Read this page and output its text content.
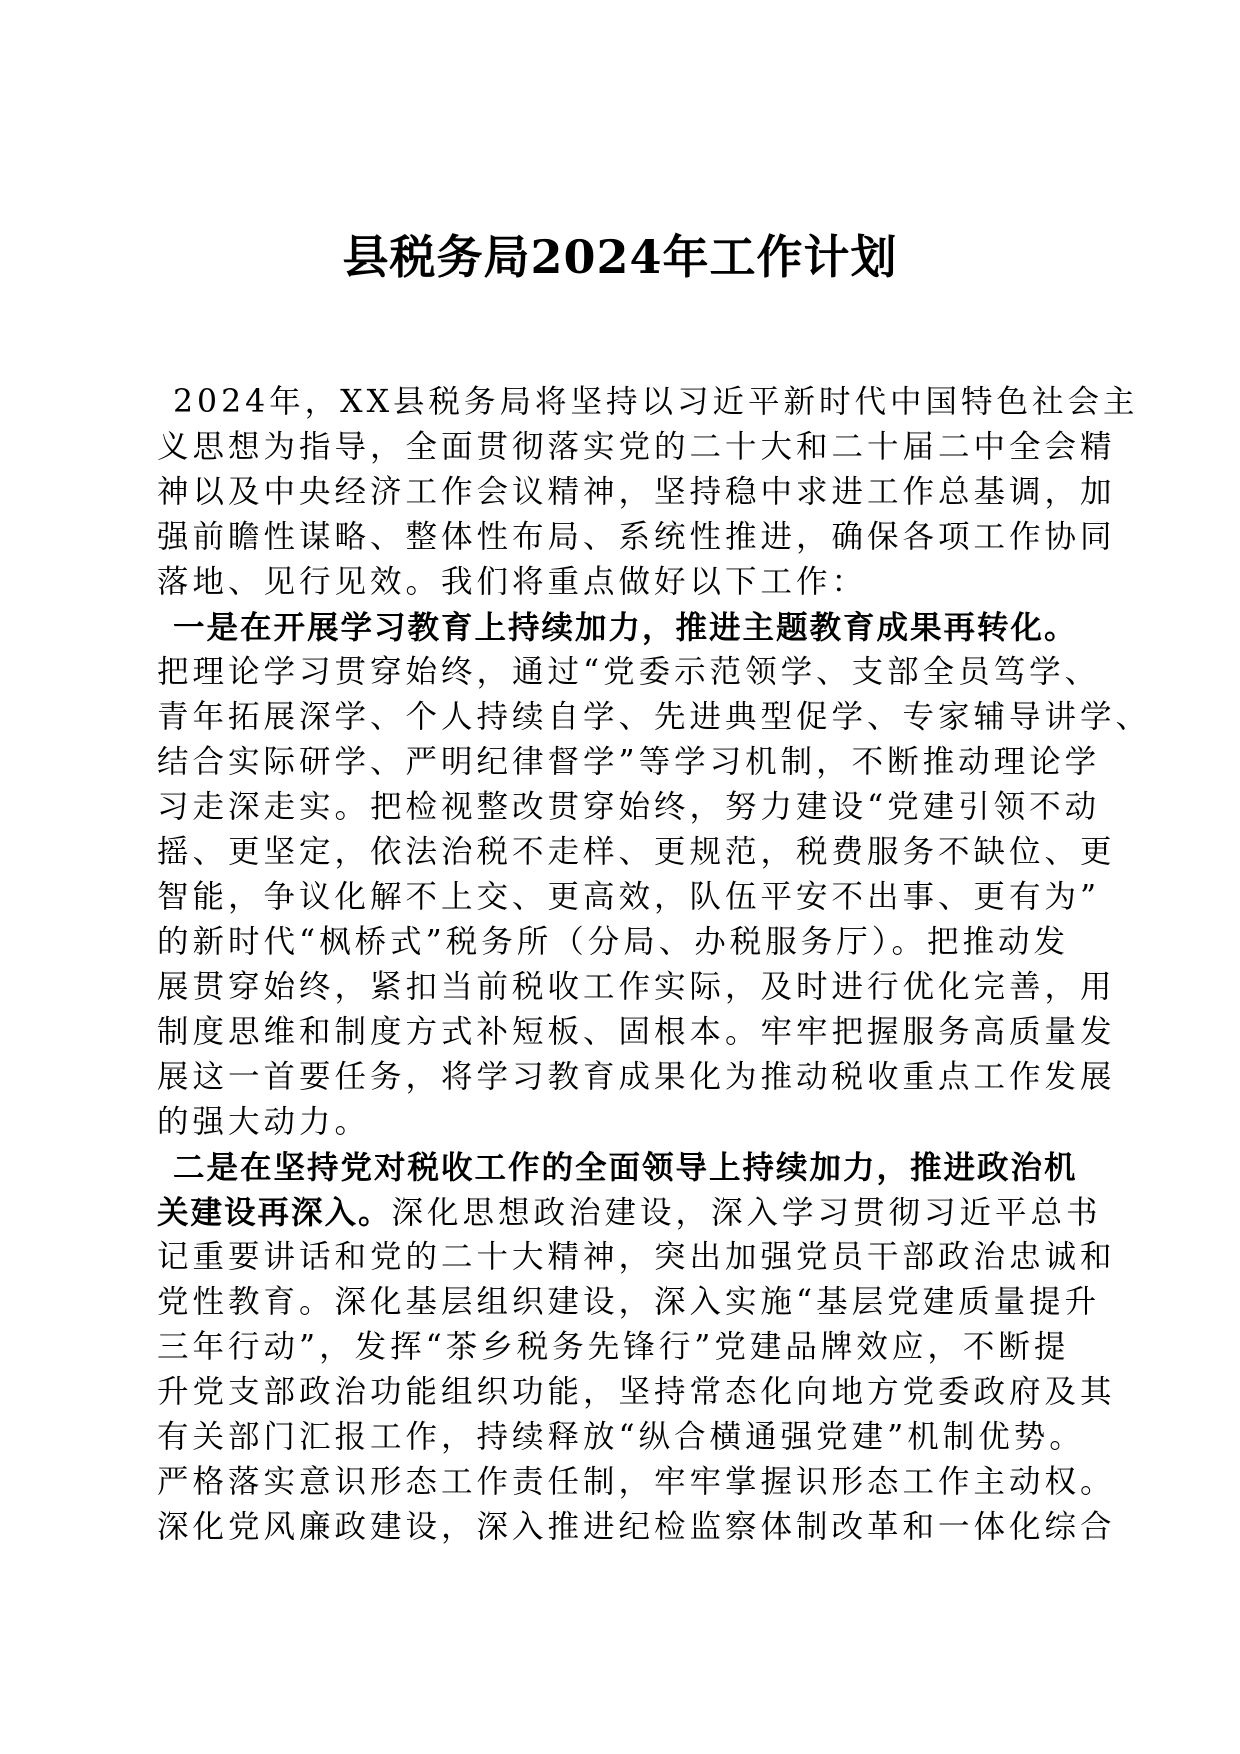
县税务局2024年工作计划
2024年，XX县税务局将坚持以习近平新时代中国特色社会主
义思想为指导，全面贯彻落实党的二十大和二十届二中全会精
神以及中央经济工作会议精神，坚持稳中求进工作总基调，加
强前瞻性谋略、整体性布局、系统性推进，确保各项工作协同
落地、见行见效。我们将重点做好以下工作：
一是在开展学习教育上持续加力，推进主题教育成果再转化。
把理论学习贯穿始终，通过“党委示范领学、支部全员笃学、
青年拓展深学、个人持续自学、先进典型促学、专家辅导讲学、
结合实际研学、严明纪律督学”等学习机制，不断推动理论学
习走深走实。把检视整改贯穿始终，努力建设“党建引领不动
摇、更坚定，依法治税不走样、更规范，税费服务不缺位、更
智能，争议化解不上交、更高效，队伍平安不出事、更有为”
的新时代“枫桥式”税务所（分局、办税服务厅）。把推动发
展贯穿始终，紧扣当前税收工作实际，及时进行优化完善，用
制度思维和制度方式补短板、固根本。牢牢把握服务高质量发
展这一首要任务，将学习教育成果化为推动税收重点工作发展
的强大动力。
二是在坚持党对税收工作的全面领导上持续加力，推进政治机
关建设再深入。深化思想政治建设，深入学习贯彻习近平总书
记重要讲话和党的二十大精神，突出加强党员干部政治忠诚和
党性教育。深化基层组织建设，深入实施“基层党建质量提升
三年行动”，发挥“茶乡税务先锋行”党建品牌效应，不断提
升党支部政治功能组织功能，坚持常态化向地方党委政府及其
有关部门汇报工作，持续释放“纵合横通强党建”机制优势。
严格落实意识形态工作责任制，牢牢掌握识形态工作主动权。
深化党风廉政建设，深入推进纪检监察体制改革和一体化综合
